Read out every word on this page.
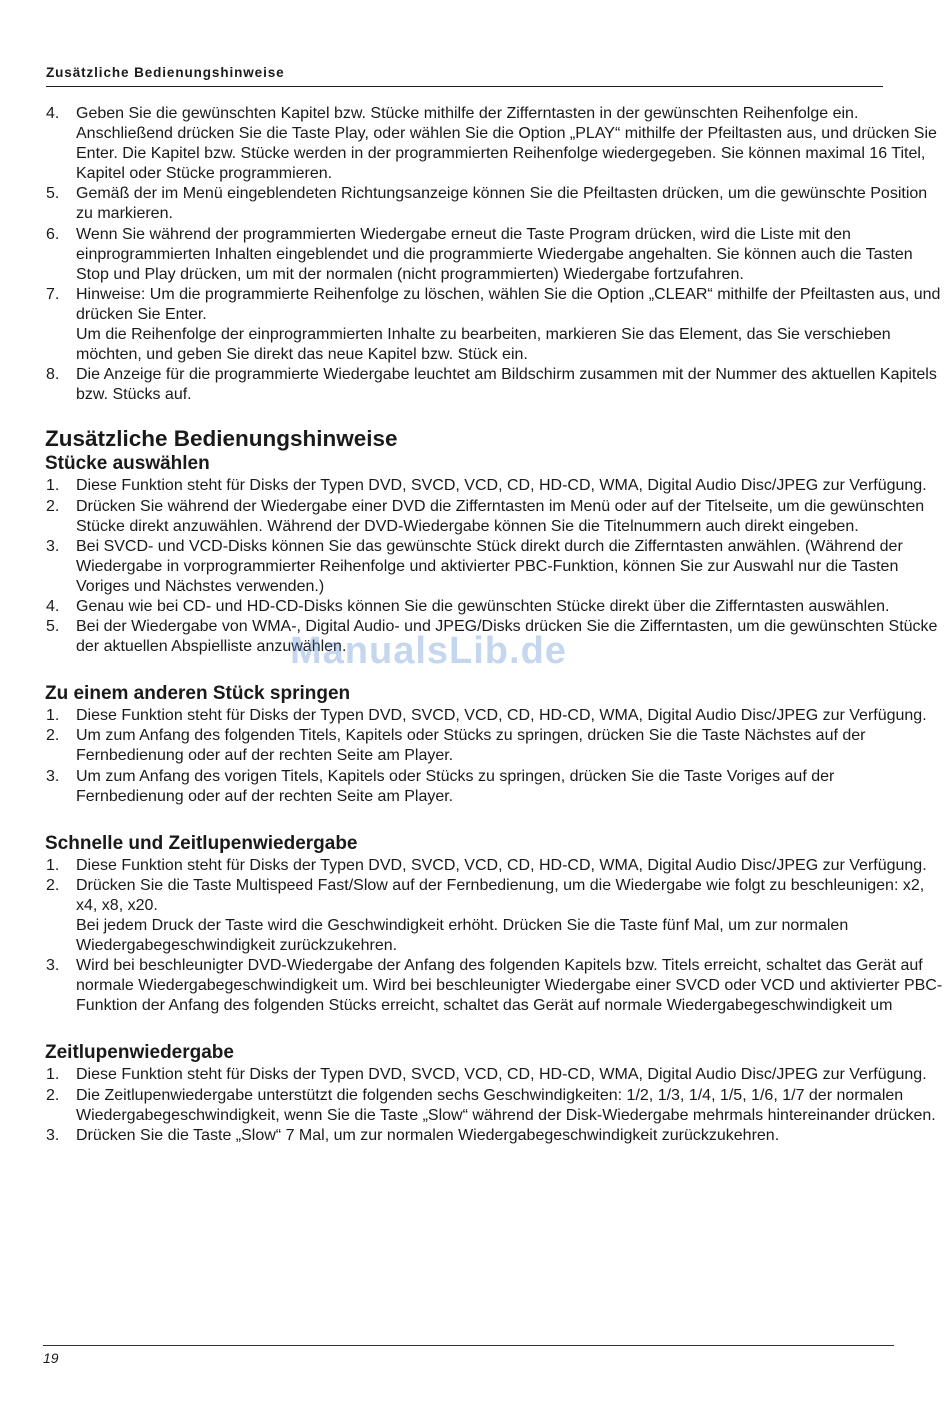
Zusätzliche Bedienungshinweise
4. Geben Sie die gewünschten Kapitel bzw. Stücke mithilfe der Zifferntasten in der gewünschten Reihenfolge ein. Anschließend drücken Sie die Taste Play, oder wählen Sie die Option „PLAY“ mithilfe der Pfeiltasten aus, und drücken Sie Enter. Die Kapitel bzw. Stücke werden in der programmierten Reihenfolge wiedergegeben. Sie können maximal 16 Titel, Kapitel oder Stücke programmieren.

5. Gemäß der im Menü eingeblendeten Richtungsanzeige können Sie die Pfeiltasten drücken, um die gewünschte Position zu markieren.

6. Wenn Sie während der programmierten Wiedergabe erneut die Taste Program drücken, wird die Liste mit den einprogrammierten Inhalten eingeblendet und die programmierte Wiedergabe angehalten. Sie können auch die Tasten Stop und Play drücken, um mit der normalen (nicht programmierten) Wiedergabe fortzufahren.

7. Hinweise: Um die programmierte Reihenfolge zu löschen, wählen Sie die Option „CLEAR“ mithilfe der Pfeiltasten aus, und drücken Sie Enter.

Um die Reihenfolge der einprogrammierten Inhalte zu bearbeiten, markieren Sie das Element, das Sie verschieben möchten, und geben Sie direkt das neue Kapitel bzw. Stück ein.

8. Die Anzeige für die programmierte Wiedergabe leuchtet am Bildschirm zusammen mit der Nummer des aktuellen Kapitels bzw. Stücks auf.

Zusätzliche Bedienungshinweise
Stücke auswählen
1. Diese Funktion steht für Disks der Typen DVD, SVCD, VCD, CD, HD-CD, WMA, Digital Audio Disc/JPEG zur Verfügung.

2. Drücken Sie während der Wiedergabe einer DVD die Zifferntasten im Menü oder auf der Titelseite, um die gewünschten Stücke direkt anzuwählen. Während der DVD-Wiedergabe können Sie die Titelnummern auch direkt eingeben.

3. Bei SVCD- und VCD-Disks können Sie das gewünschte Stück direkt durch die Zifferntasten anwählen. (Während der Wiedergabe in vorprogrammierter Reihenfolge und aktivierter PBC-Funktion, können Sie zur Auswahl nur die Tasten Voriges und Nächstes verwenden.)

4. Genau wie bei CD- und HD-CD-Disks können Sie die gewünschten Stücke direkt über die Zifferntasten auswählen.

5. Bei der Wiedergabe von WMA-, Digital Audio- und JPEG/Disks drücken Sie die Zifferntasten, um die gewünschten Stücke der aktuellen Abspielliste anzuwählen.

Zu einem anderen Stück springen
1. Diese Funktion steht für Disks der Typen DVD, SVCD, VCD, CD, HD-CD, WMA, Digital Audio Disc/JPEG zur Verfügung.

2. Um zum Anfang des folgenden Titels, Kapitels oder Stücks zu springen, drücken Sie die Taste Nächstes auf der Fernbedienung oder auf der rechten Seite am Player.

3. Um zum Anfang des vorigen Titels, Kapitels oder Stücks zu springen, drücken Sie die Taste Voriges auf der Fernbedienung oder auf der rechten Seite am Player.

Schnelle und Zeitlupenwiedergabe
1. Diese Funktion steht für Disks der Typen DVD, SVCD, VCD, CD, HD-CD, WMA, Digital Audio Disc/JPEG zur Verfügung.

2. Drücken Sie die Taste Multispeed Fast/Slow auf der Fernbedienung, um die Wiedergabe wie folgt zu beschleunigen: x2, x4, x8, x20.

Bei jedem Druck der Taste wird die Geschwindigkeit erhöht. Drücken Sie die Taste fünf Mal, um zur normalen Wiedergabegeschwindigkeit zurückzukehren.

3. Wird bei beschleunigter DVD-Wiedergabe der Anfang des folgenden Kapitels bzw. Titels erreicht, schaltet das Gerät auf normale Wiedergabegeschwindigkeit um. Wird bei beschleunigter Wiedergabe einer SVCD oder VCD und aktivierter PBC-Funktion der Anfang des folgenden Stücks erreicht, schaltet das Gerät auf normale Wiedergabegeschwindigkeit um

Zeitlupenwiedergabe
1. Diese Funktion steht für Disks der Typen DVD, SVCD, VCD, CD, HD-CD, WMA, Digital Audio Disc/JPEG zur Verfügung.

2. Die Zeitlupenwiedergabe unterstützt die folgenden sechs Geschwindigkeiten: 1/2, 1/3, 1/4, 1/5, 1/6, 1/7 der normalen Wiedergabegeschwindigkeit, wenn Sie die Taste „Slow“ während der Disk-Wiedergabe mehrmals hintereinander drücken.

3. Drücken Sie die Taste „Slow“ 7 Mal, um zur normalen Wiedergabegeschwindigkeit zurückzukehren.

ManualsLib.de
19
